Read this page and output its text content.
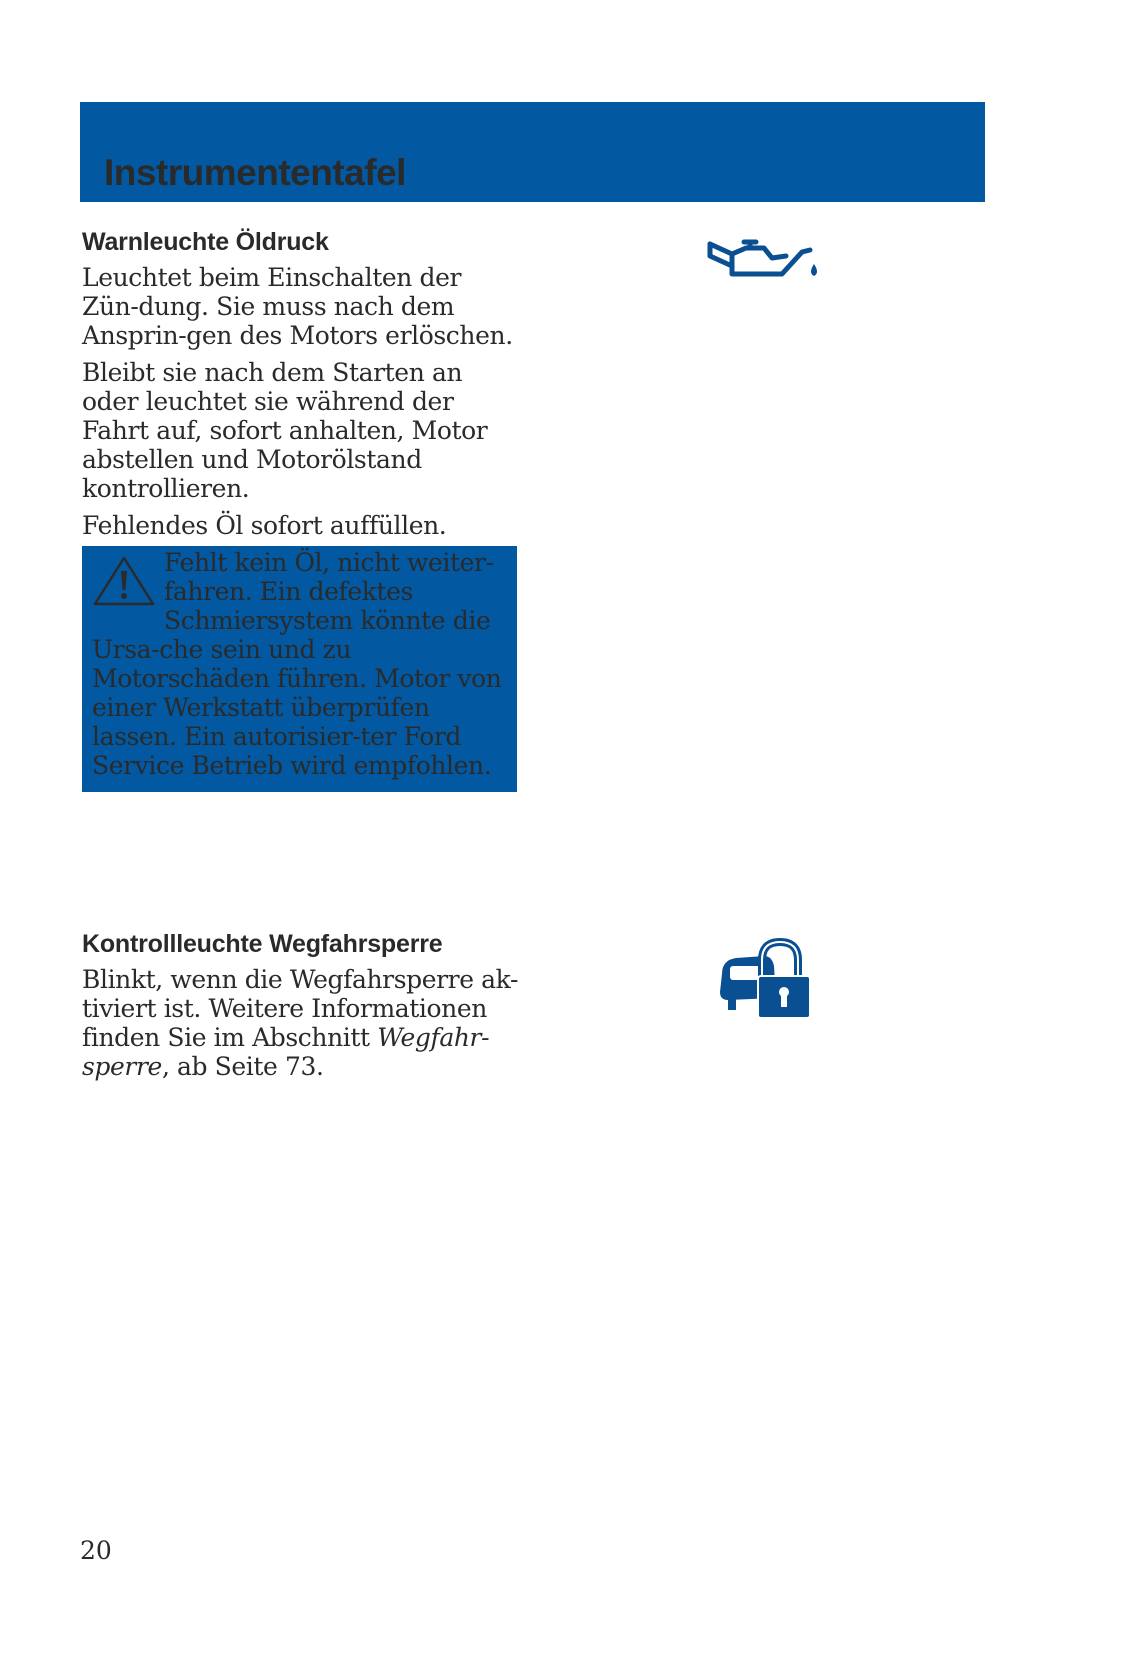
Instrumententafel
Warnleuchte Öldruck

Leuchtet beim Einschalten der Zün-dung. Sie muss nach dem Ansprin-gen des Motors erlöschen.

Bleibt sie nach dem Starten an oder leuchtet sie während der Fahrt auf, sofort anhalten, Motor abstellen und Motorölstand kontrollieren.

Fehlendes Öl sofort auffüllen.

Fehlt kein Öl, nicht weiter-fahren. Ein defektes Schmiersystem könnte die Ursa-che sein und zu Motorschäden führen. Motor von einer Werkstatt überprüfen lassen. Ein autorisier-ter Ford Service Betrieb wird empfohlen.

Kontrollleuchte Wegfahrsperre

Blinkt, wenn die Wegfahrsperre ak-tiviert ist. Weitere Informationen finden Sie im Abschnitt Wegfahr-sperre, ab Seite 73.

20
